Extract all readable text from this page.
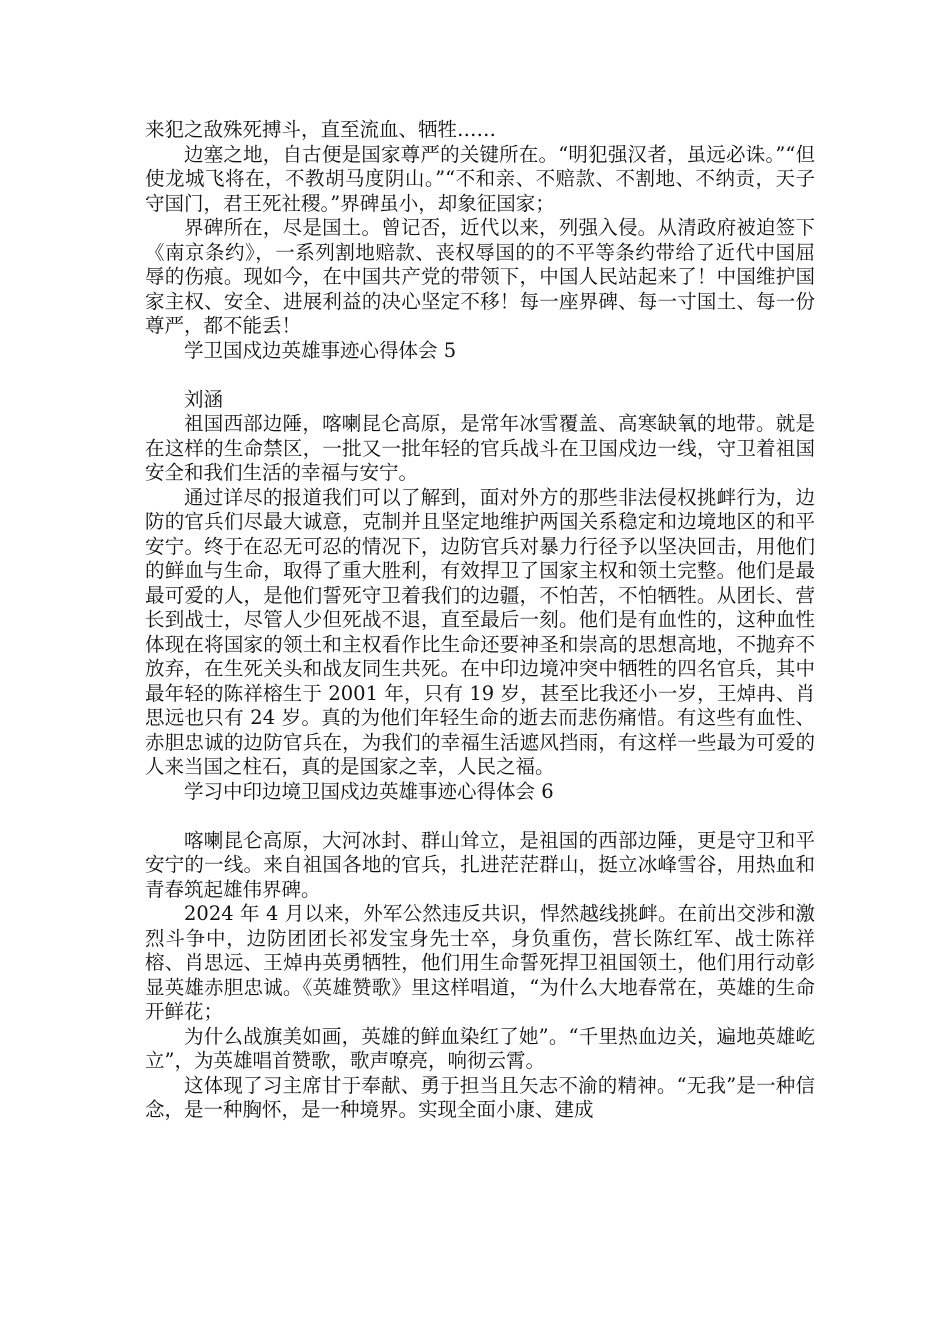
来犯之敌殊死搏斗，直至流血、牺牲……

边塞之地，自古便是国家尊严的关键所在。“明犯强汉者，虽远必诛。”“但使龙城飞将在，不教胡马度阴山。”“不和亲、不赔款、不割地、不纳贡，天子守国门，君王死社稷。”界碑虽小，却象征国家；

界碑所在，尽是国土。曾记否，近代以来，列强入侵。从清政府被迫签下《南京条约》，一系列割地赔款、丧权辱国的的不平等条约带给了近代中国屈辱的伤痕。现如今，在中国共产党的带领下，中国人民站起来了！中国维护国家主权、安全、进展利益的决心坚定不移！每一座界碑、每一寸国土、每一份尊严，都不能丢！

学卫国戍边英雄事迹心得体会 5

刘涵

祖国西部边陲，喀喇昆仑高原，是常年冰雪覆盖、高寒缺氧的地带。就是在这样的生命禁区，一批又一批年轻的官兵战斗在卫国戍边一线，守卫着祖国安全和我们生活的幸福与安宁。

通过详尽的报道我们可以了解到，面对外方的那些非法侵权挑衅行为，边防的官兵们尽最大诚意，克制并且坚定地维护两国关系稳定和边境地区的和平安宁。终于在忍无可忍的情况下，边防官兵对暴力行径予以坚决回击，用他们的鲜血与生命，取得了重大胜利，有效捍卫了国家主权和领土完整。他们是最最可爱的人，是他们誓死守卫着我们的边疆，不怕苦，不怕牺牲。从团长、营长到战士，尽管人少但死战不退，直至最后一刻。他们是有血性的，这种血性体现在将国家的领土和主权看作比生命还要神圣和崇高的思想高地，不抛弃不放弃，在生死关头和战友同生共死。在中印边境冲突中牺牲的四名官兵，其中最年轻的陈祥榕生于 2001 年，只有 19 岁，甚至比我还小一岁，王焯冉、肖思远也只有 24 岁。真的为他们年轻生命的逝去而悲伤痛惜。有这些有血性、赤胆忠诚的边防官兵在，为我们的幸福生活遮风挡雨，有这样一些最为可爱的人来当国之柱石，真的是国家之幸，人民之福。

学习中印边境卫国戍边英雄事迹心得体会 6

喀喇昆仑高原，大河冰封、群山耸立，是祖国的西部边陲，更是守卫和平安宁的一线。来自祖国各地的官兵，扎进茫茫群山，挺立冰峰雪谷，用热血和青春筑起雄伟界碑。

2024 年 4 月以来，外军公然违反共识，悍然越线挑衅。在前出交涉和激烈斗争中，边防团团长祁发宝身先士卒，身负重伤，营长陈红军、战士陈祥榕、肖思远、王焯冉英勇牺牲，他们用生命誓死捍卫祖国领土，他们用行动彰显英雄赤胆忠诚。《英雄赞歌》里这样唱道，“为什么大地春常在，英雄的生命开鲜花；

为什么战旗美如画，英雄的鲜血染红了她”。“千里热血边关，遍地英雄屹立”，为英雄唱首赞歌，歌声嘹亮，响彻云霄。

这体现了习主席甘于奉献、勇于担当且矢志不渝的精神。“无我”是一种信念，是一种胸怀，是一种境界。实现全面小康、建成
